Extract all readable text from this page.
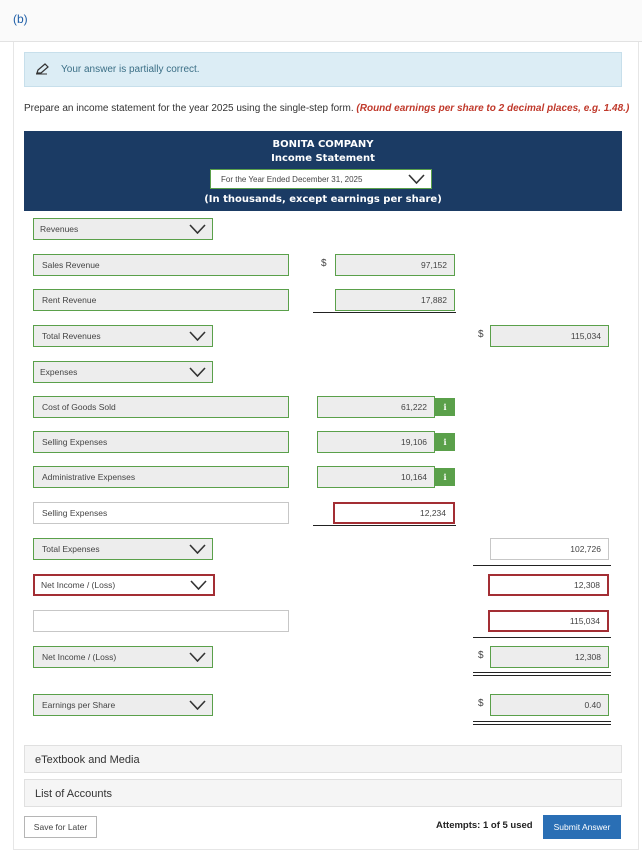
(b)
Your answer is partially correct.
Prepare an income statement for the year 2025 using the single-step form. (Round earnings per share to 2 decimal places, e.g. 1.48.)
BONITA COMPANY
Income Statement
For the Year Ended December 31, 2025
(In thousands, except earnings per share)
Revenues
Sales Revenue	$	97,152
Rent Revenue	17,882
Total Revenues	$	115,034
Expenses
Cost of Goods Sold	61,222	i
Selling Expenses	19,106	i
Administrative Expenses	10,164	i
Selling Expenses	12,234
Total Expenses	102,726
Net Income / (Loss)	12,308
115,034
Net Income / (Loss)	$	12,308
Earnings per Share	$	0.40
eTextbook and Media
List of Accounts
Save for Later	Attempts: 1 of 5 used	Submit Answer
